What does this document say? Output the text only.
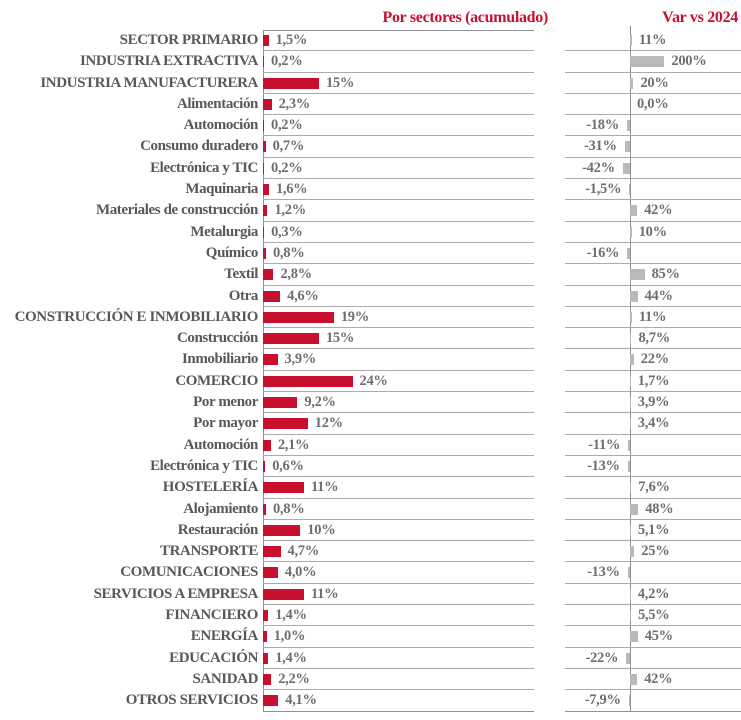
Por sectores (acumulado)	Var vs 2024
SECTOR PRIMARIO 1,5%	11%
INDUSTRIA EXTRACTIVA 0,2%	200%
INDUSTRIA MANUFACTURERA	15%	20%
Alimentación 2,3%	0,0%
Automoción 0,2%	-18%
Consumo duradero 0,7%	-31%
Electrónica y TIC 0,2%	-42%
Maquinaria 1,6%	-1,5%
Materiales de construcción 1,2%	42%
Metalurgia 0,3%	10%
Químico 0,8%	-16%
Textil 2,8%	85%
Otra 4,6%	44%
CONSTRUCCIÓN E INMOBILIARIO	19%	11%
Construcción	15%	8,7%
Inmobiliario 3,9%	22%
COMERCIO	24%	1,7%
Por menor	9,2%	3,9%
Por mayor	12%	3,4%
Automoción 2,1%	-11%
Electrónica y TIC 0,6%	-13%
HOSTELERÍA	11%	7,6%
Alojamiento 0,8%	48%
Restauración	10%	5,1%
TRANSPORTE 4,7%	25%
COMUNICACIONES 4,0%	-13%
SERVICIOS A EMPRESA	11%	4,2%
FINANCIERO 1,4%	5,5%
ENERGÍA 1,0%	45%
EDUCACIÓN 1,4%	-22%
SANIDAD 2,2%	42%
OTROS SERVICIOS 4,1%	-7,9%
